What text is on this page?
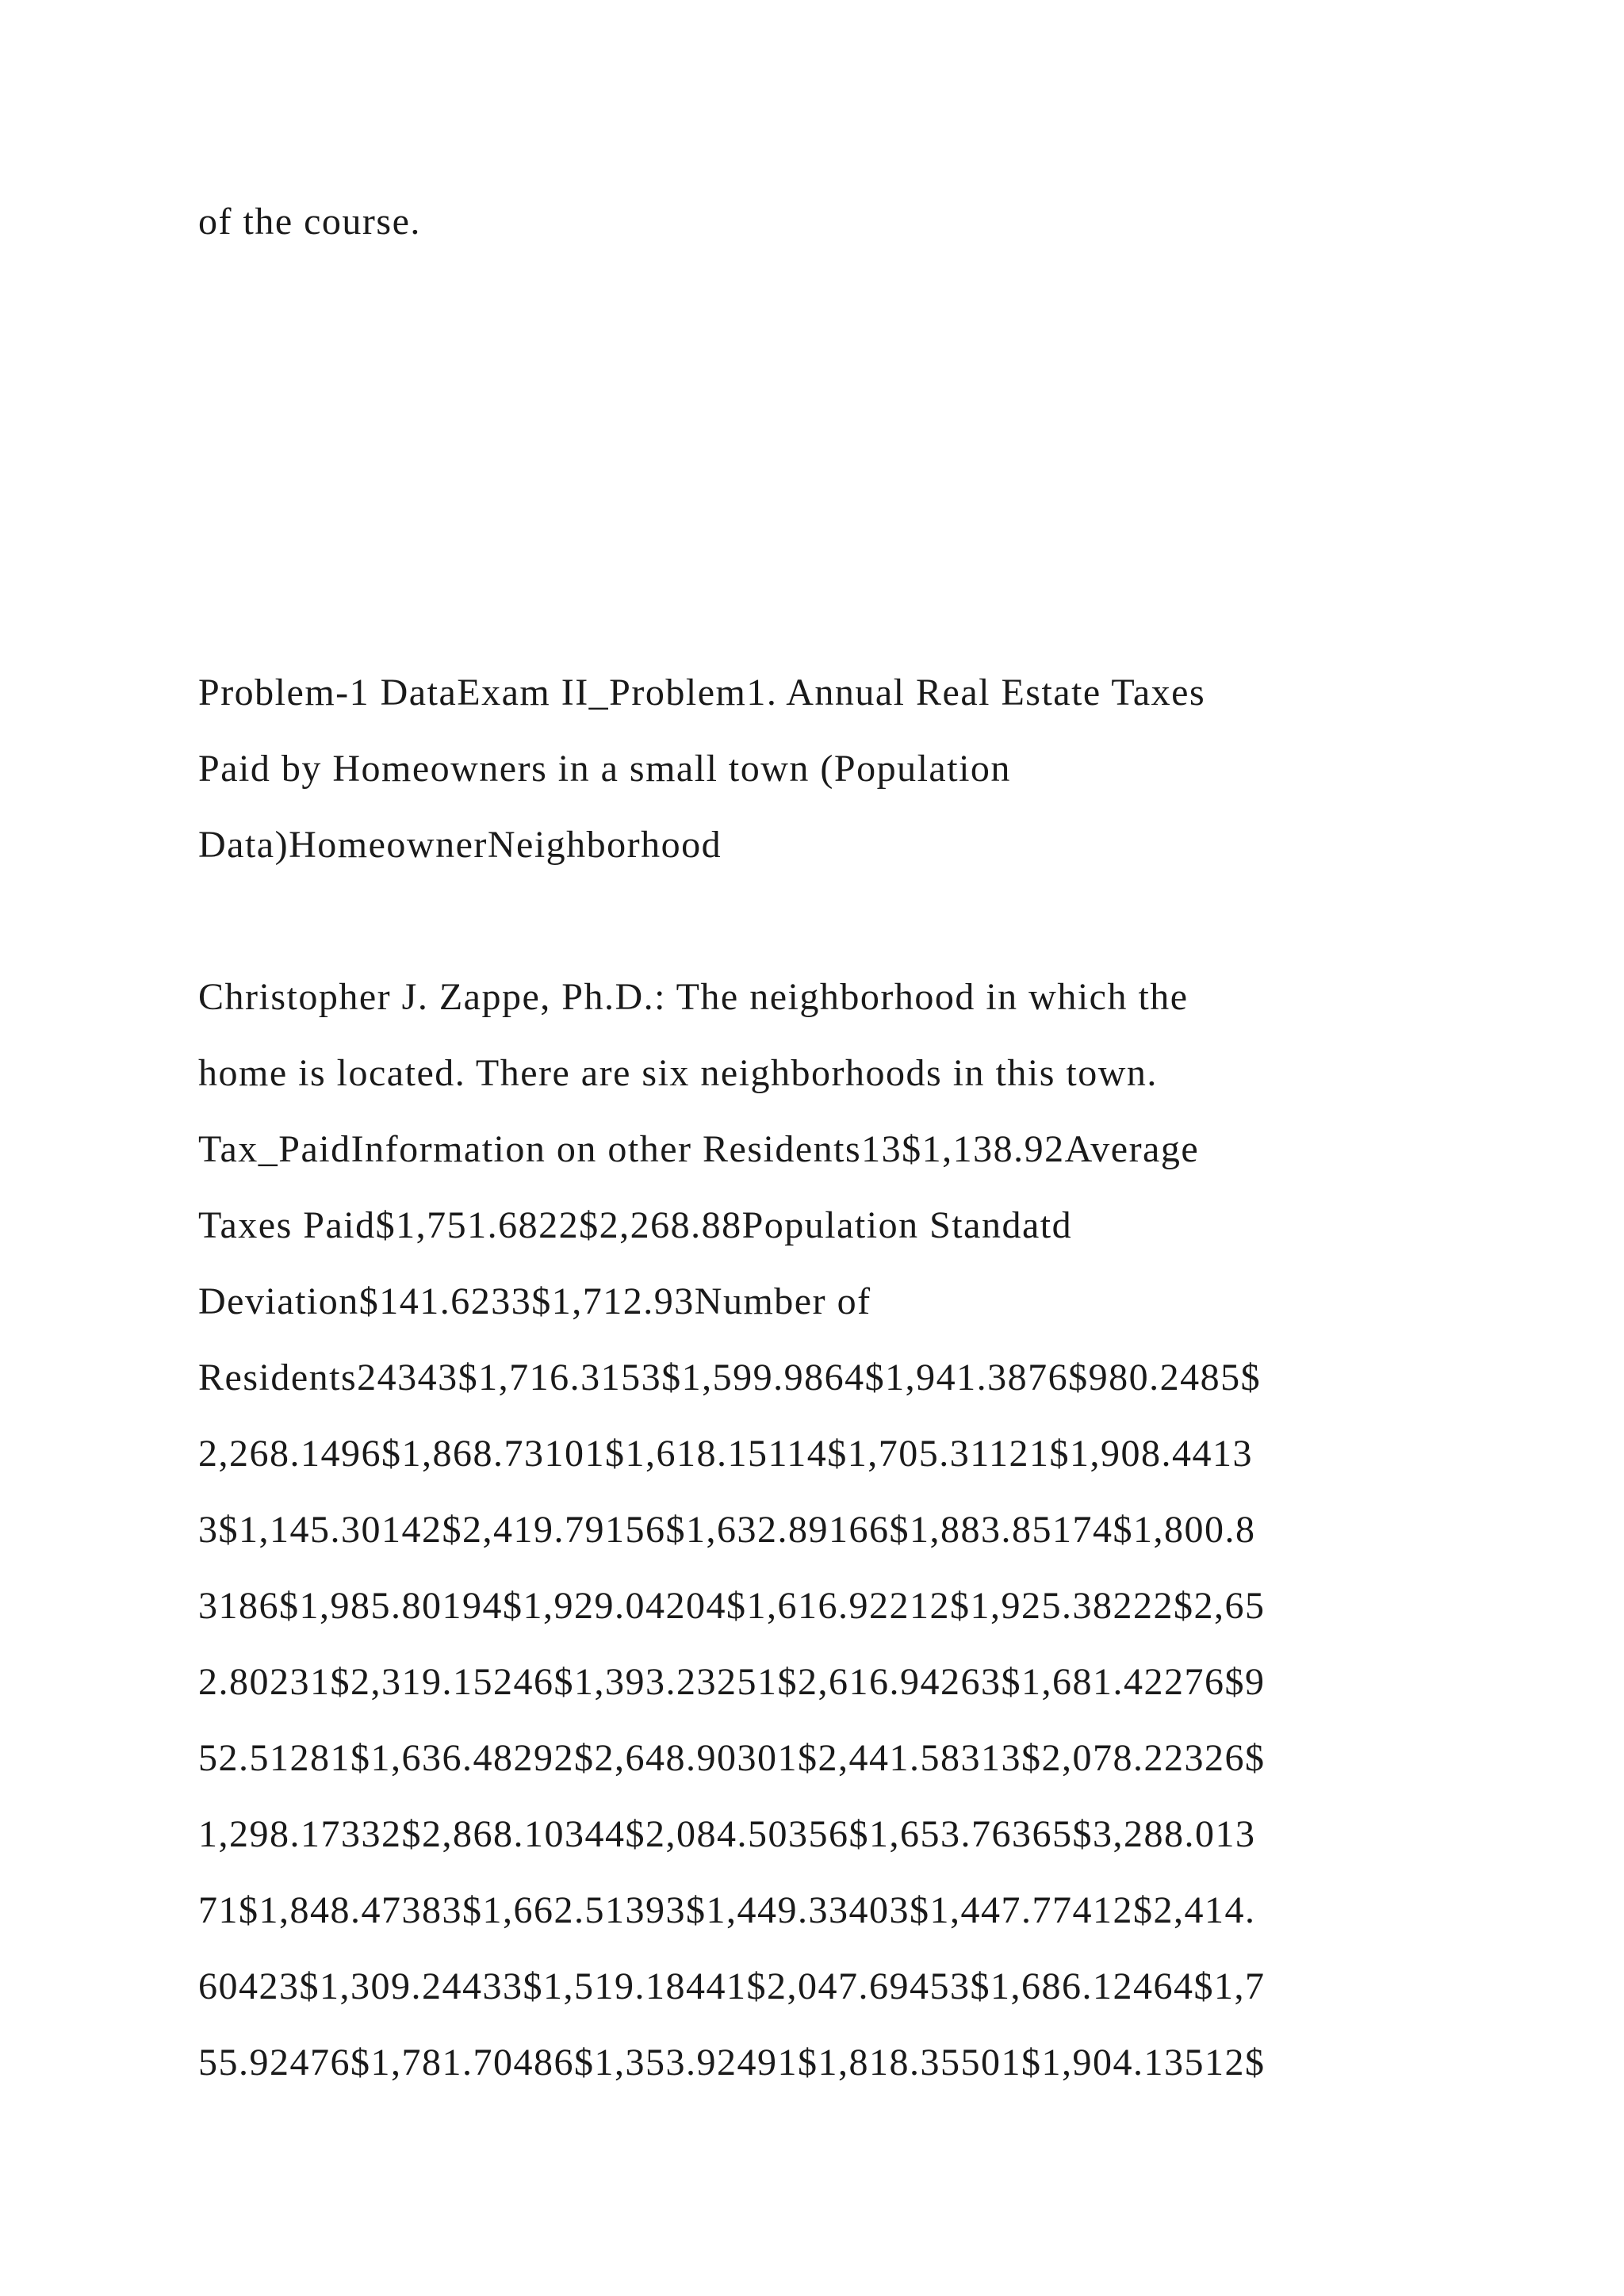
of the course.
Problem-1 DataExam II_Problem1. Annual Real Estate Taxes
Paid by Homeowners in a small town (Population
Data)HomeownerNeighborhood
Christopher J. Zappe, Ph.D.: The neighborhood in which the
home is located. There are six neighborhoods in this town.
Tax_PaidInformation on other Residents13$1,138.92Average
Taxes Paid$1,751.6822$2,268.88Population Standatd
Deviation$141.6233$1,712.93Number of
Residents24343$1,716.3153$1,599.9864$1,941.3876$980.2485$
2,268.1496$1,868.73101$1,618.15114$1,705.31121$1,908.4413
3$1,145.30142$2,419.79156$1,632.89166$1,883.85174$1,800.8
3186$1,985.80194$1,929.04204$1,616.92212$1,925.38222$2,65
2.80231$2,319.15246$1,393.23251$2,616.94263$1,681.42276$9
52.51281$1,636.48292$2,648.90301$2,441.58313$2,078.22326$
1,298.17332$2,868.10344$2,084.50356$1,653.76365$3,288.013
71$1,848.47383$1,662.51393$1,449.33403$1,447.77412$2,414.
60423$1,309.24433$1,519.18441$2,047.69453$1,686.12464$1,7
55.92476$1,781.70486$1,353.92491$1,818.35501$1,904.13512$
